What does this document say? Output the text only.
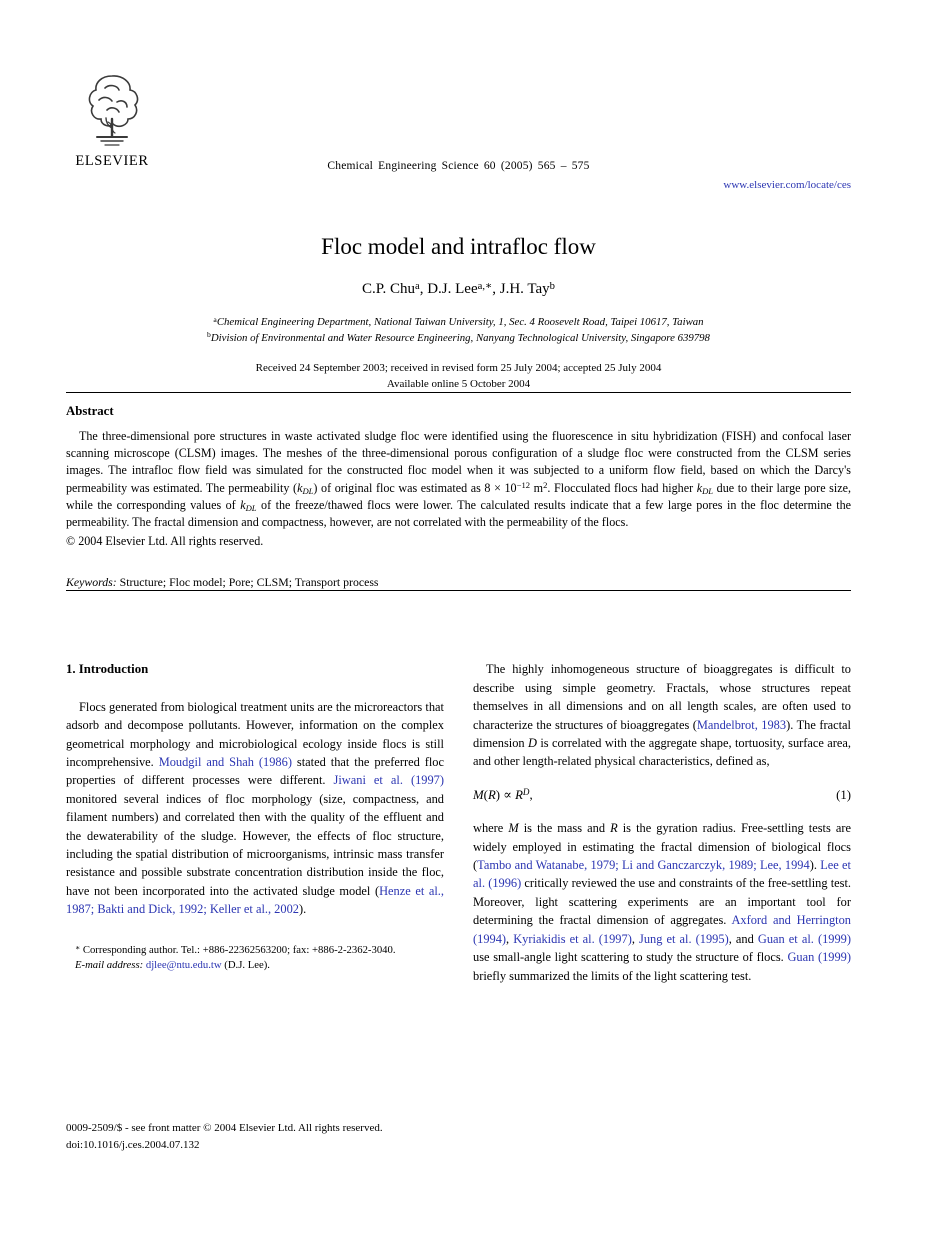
ELSEVIER	Chemical Engineering Science 60 (2005) 565 – 575
www.elsevier.com/locate/ces
Floc model and intrafloc flow
C.P. Chu$^a$, D.J. Lee$^{a,∗}$, J.H. Tay$^b$
$^a$Chemical Engineering Department, National Taiwan University, 1, Sec. 4 Roosevelt Road, Taipei 10617, Taiwan
$^b$Division of Environmental and Water Resource Engineering, Nanyang Technological University, Singapore 639798
Received 24 September 2003; received in revised form 25 July 2004; accepted 25 July 2004
Available online 5 October 2004
Abstract

The three-dimensional pore structures in waste activated sludge floc were identified using the fluorescence in situ hybridization (FISH) and confocal laser scanning microscope (CLSM) images. The meshes of the three-dimensional porous configuration of a sludge floc were constructed from the CLSM series images. The intrafloc flow field was simulated for the constructed floc model when it was subjected to a uniform flow field, based on which the Darcy's permeability was estimated. The permeability $(k_{DL})$ of original floc was estimated as $8 \times 10^{-12}$ $m^2$. Flocculated flocs had higher $k_{DL}$ due to their large pore size, while the corresponding values of $k_{DL}$ of the freeze/thawed flocs were lower. The calculated results indicate that a few large pores in the floc determine the permeability. The fractal dimension and compactness, however, are not correlated with the permeability of the flocs.

© 2004 Elsevier Ltd. All rights reserved.

Keywords: Structure; Floc model; Pore; CLSM; Transport process

1. Introduction

Flocs generated from biological treatment units are the microreactors that adsorb and decompose pollutants. However, information on the complex geometrical morphology and microbiological ecology inside flocs is still incomprehensive. Moudgil and Shah (1986) stated that the preferred floc properties of different processes were different. Jiwani et al. (1997) monitored several indices of floc morphology (size, compactness, and filament numbers) and correlated then with the quality of the effluent and the dewaterability of the sludge. However, the effects of floc structure, including the spatial distribution of microorganisms, intrinsic mass transfer resistance and possible substrate concentration distribution inside the floc, have not been incorporated into the activated sludge model (Henze et al., 1987; Bakti and Dick, 1992; Keller et al., 2002).

∗ Corresponding author. Tel.: +886-22362563200; fax: +886-2-2362-3040.

E-mail address: djlee@ntu.edu.tw (D.J. Lee).

The highly inhomogeneous structure of bioaggregates is difficult to describe using simple geometry. Fractals, whose structures repeat themselves in all dimensions and on all length scales, are often used to characterize the structures of bioaggregates (Mandelbrot, 1983). The fractal dimension D is correlated with the aggregate shape, tortuosity, surface area, and other length-related physical characteristics, defined as,

$M(R) \propto R^D$,	(1)

where M is the mass and R is the gyration radius. Free-settling tests are widely employed in estimating the fractal dimension of biological flocs (Tambo and Watanabe, 1979; Li and Ganczarczyk, 1989; Lee, 1994). Lee et al. (1996) critically reviewed the use and constraints of the free-settling test. Moreover, light scattering experiments are an important tool for determining the fractal dimension of aggregates. Axford and Herrington (1994), Kyriakidis et al. (1997), Jung et al. (1995), and Guan et al. (1999) use small-angle light scattering to study the structure of flocs. Guan (1999) briefly summarized the limits of the light scattering test.

0009-2509/$ - see front matter © 2004 Elsevier Ltd. All rights reserved.
doi:10.1016/j.ces.2004.07.132
